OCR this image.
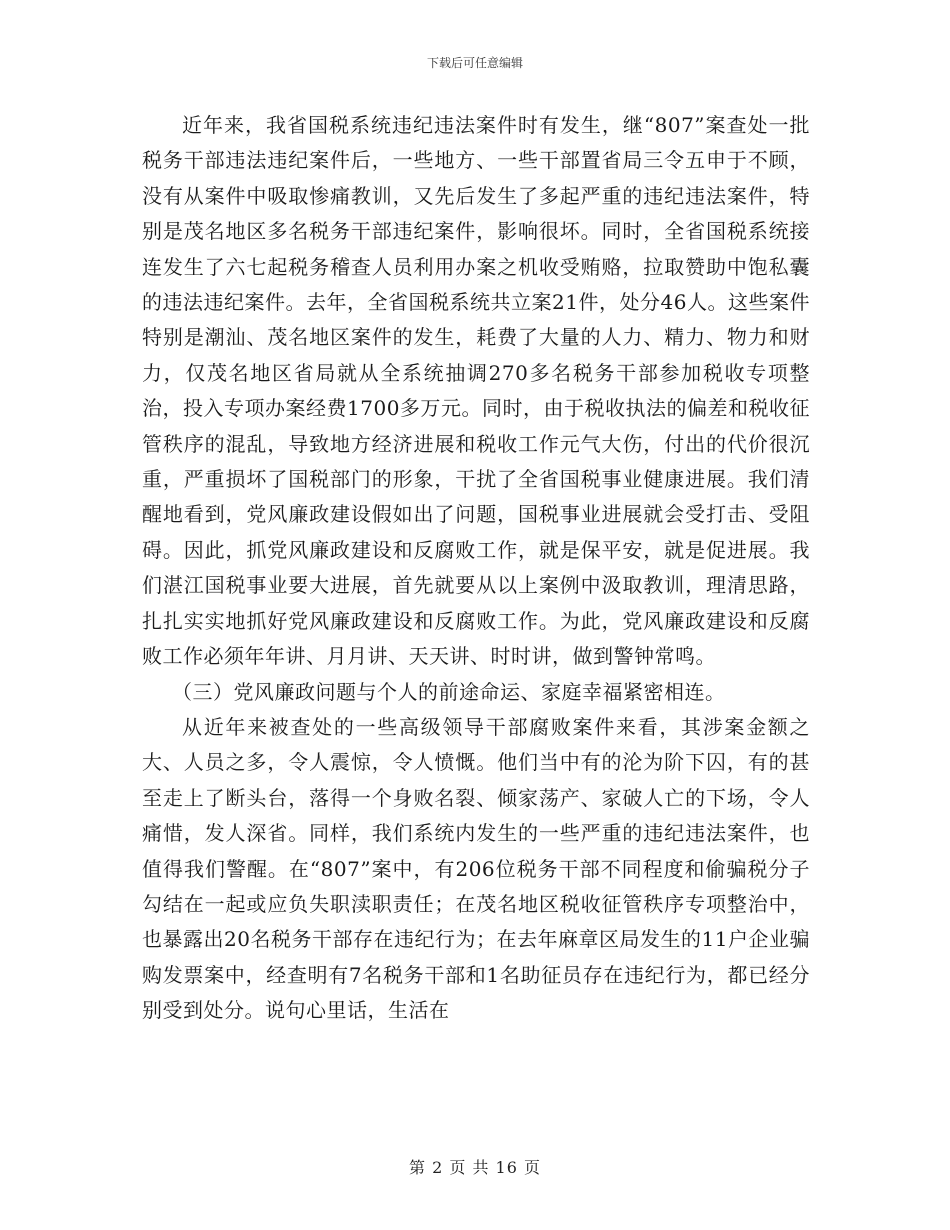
下载后可任意编辑

近年来，我省国税系统违纪违法案件时有发生，继“807”案查处一批税务干部违法违纪案件后，一些地方、一些干部置省局三令五申于不顾，没有从案件中吸取惨痛教训，又先后发生了多起严重的违纪违法案件，特别是茂名地区多名税务干部违纪案件，影响很坏。同时，全省国税系统接连发生了六七起税务稽查人员利用办案之机收受贿赂，拉取赞助中饱私囊的违法违纪案件。去年，全省国税系统共立案21件，处分46人。这些案件特别是潮汕、茂名地区案件的发生，耗费了大量的人力、精力、物力和财力，仅茂名地区省局就从全系统抽调270多名税务干部参加税收专项整治，投入专项办案经费1700多万元。同时，由于税收执法的偏差和税收征管秩序的混乱，导致地方经济进展和税收工作元气大伤，付出的代价很沉重，严重损坏了国税部门的形象，干扰了全省国税事业健康进展。我们清醒地看到，党风廉政建设假如出了问题，国税事业进展就会受打击、受阻碍。因此，抓党风廉政建设和反腐败工作，就是保平安，就是促进展。我们湛江国税事业要大进展，首先就要从以上案例中汲取教训，理清思路，扎扎实实地抓好党风廉政建设和反腐败工作。为此，党风廉政建设和反腐败工作必须年年讲、月月讲、天天讲、时时讲，做到警钟常鸣。

（三）党风廉政问题与个人的前途命运、家庭幸福紧密相连。

从近年来被查处的一些高级领导干部腐败案件来看，其涉案金额之大、人员之多，令人震惊，令人愤慨。他们当中有的沦为阶下囚，有的甚至走上了断头台，落得一个身败名裂、倾家荡产、家破人亡的下场，令人痛惜，发人深省。同样，我们系统内发生的一些严重的违纪违法案件，也值得我们警醒。在“807”案中，有206位税务干部不同程度和偷骗税分子勾结在一起或应负失职渎职责任；在茂名地区税收征管秩序专项整治中，也暴露出20名税务干部存在违纪行为；在去年麻章区局发生的11户企业骗购发票案中，经查明有7名税务干部和1名助征员存在违纪行为，都已经分别受到处分。说句心里话，生活在

第 2 页 共 16 页
